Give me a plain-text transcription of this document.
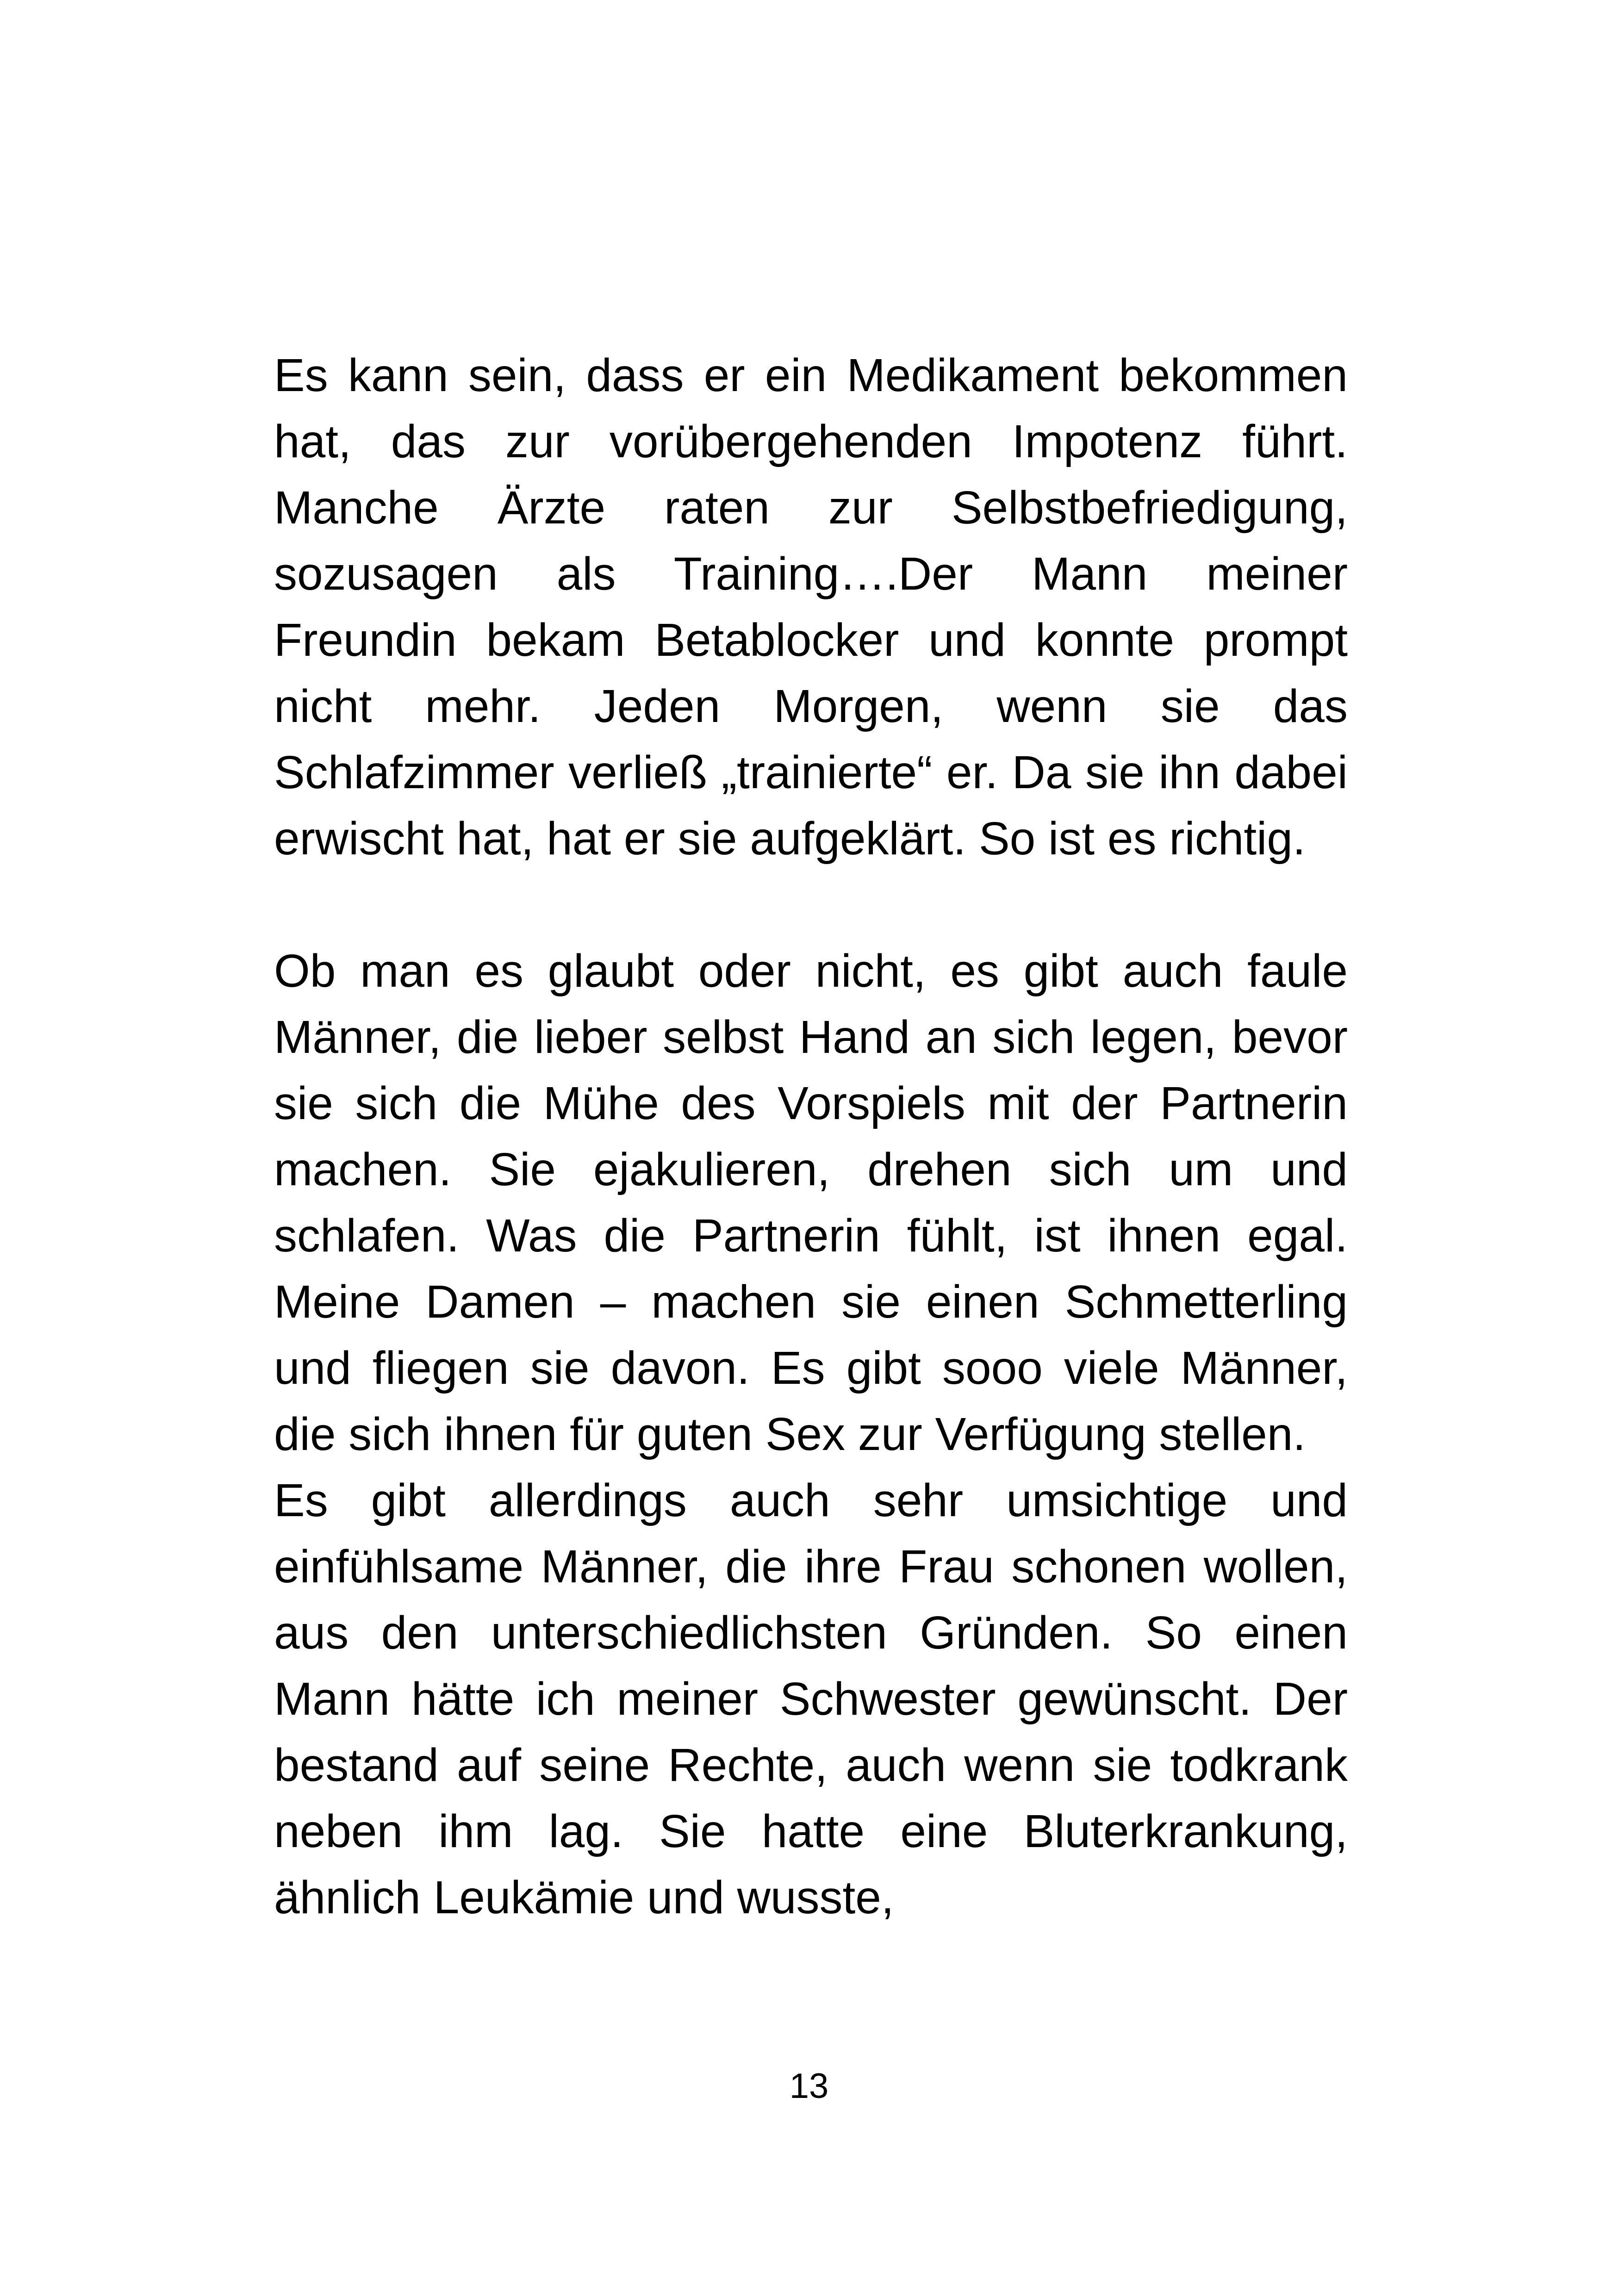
Es kann sein, dass er ein Medikament bekommen hat, das zur vorübergehenden Impotenz führt. Manche Ärzte raten zur Selbstbefriedigung, sozusagen als Training….Der Mann meiner Freundin bekam Betablocker und konnte prompt nicht mehr. Jeden Morgen, wenn sie das Schlafzimmer verließ „trainierte“ er. Da sie ihn dabei erwischt hat, hat er sie aufgeklärt. So ist es richtig.

Ob man es glaubt oder nicht, es gibt auch faule Männer, die lieber selbst Hand an sich legen, bevor sie sich die Mühe des Vorspiels mit der Partnerin machen. Sie ejakulieren, drehen sich um und schlafen. Was die Partnerin fühlt, ist ihnen egal. Meine Damen – machen sie einen Schmetterling und fliegen sie davon. Es gibt sooo viele Männer, die sich ihnen für guten Sex zur Verfügung stellen.

Es gibt allerdings auch sehr umsichtige und einfühlsame Männer, die ihre Frau schonen wollen, aus den unterschiedlichsten Gründen. So einen Mann hätte ich meiner Schwester gewünscht. Der bestand auf seine Rechte, auch wenn sie todkrank neben ihm lag. Sie hatte eine Bluterkrankung, ähnlich Leukämie und wusste,

13
